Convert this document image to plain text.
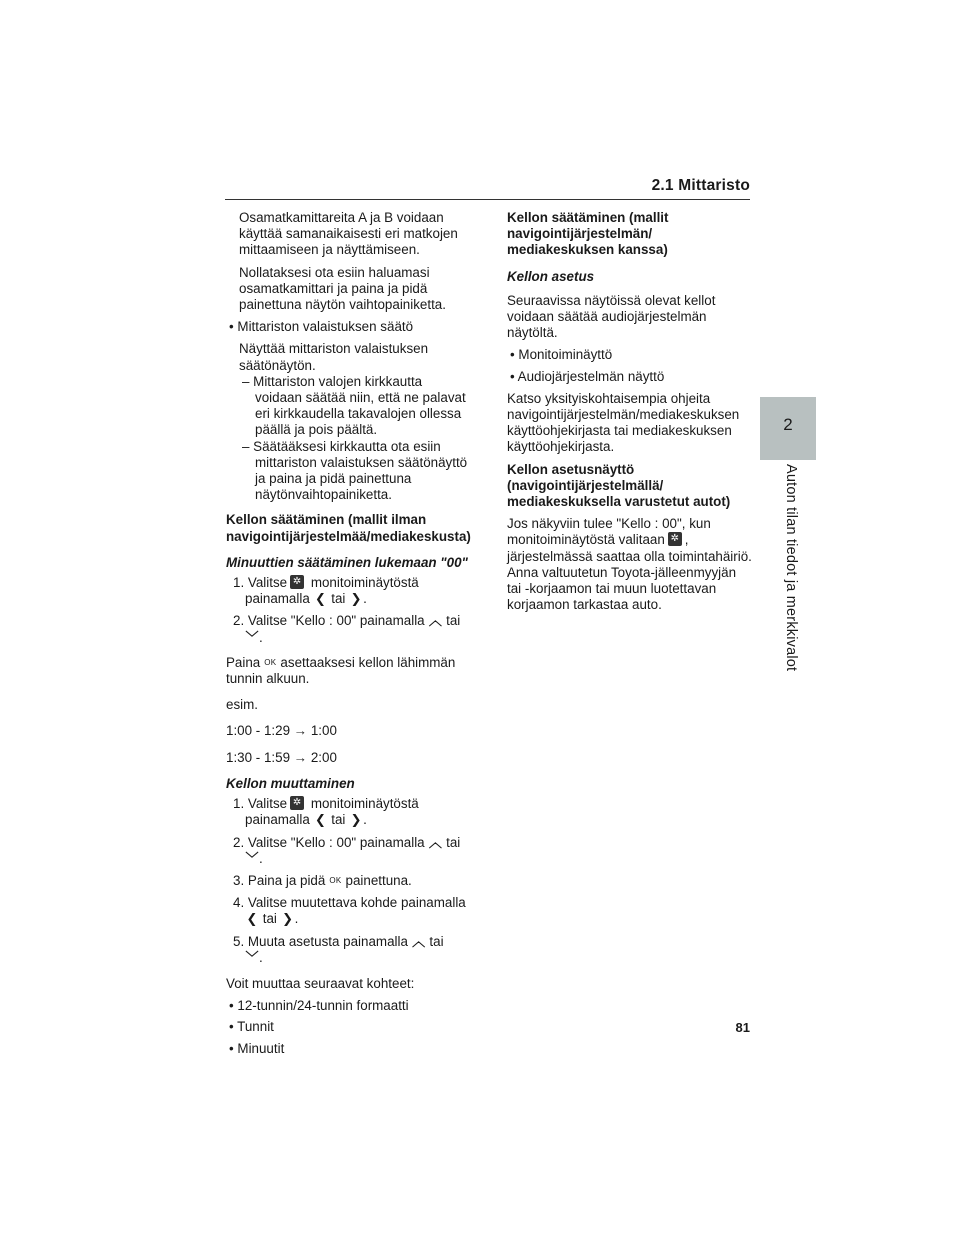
2.1 Mittaristo
2
Auton tilan tiedot ja merkkivalot

Osamatkamittareita A ja B voidaan käyttää samanaikaisesti eri matkojen mittaamiseen ja näyttämiseen.

Nollataksesi ota esiin haluamasi osamatkamittari ja paina ja pidä painettuna näytön vaihtopainiketta.

• Mittariston valaistuksen säätö

Näyttää mittariston valaistuksen säätönäytön.

– Mittariston valojen kirkkautta voidaan säätää niin, että ne palavat eri kirkkaudella takavalojen ollessa päällä ja pois päältä.

– Säätääksesi kirkkautta ota esiin mittariston valaistuksen säätönäyttö ja paina ja pidä painettuna näytönvaihtopainiketta.

Kellon säätäminen (mallit ilman navigointijärjestelmää/mediakeskusta)

Minuuttien säätäminen lukemaan "00"

1. Valitse ✲ monitoiminäytöstä

painamalla ❮ tai ❯ .

2. Valitse "Kello : 00" painamalla ︿ tai

﹀.

Paina OK asettaaksesi kellon lähimmän tunnin alkuun.

esim.

1:00 - 1:29 → 1:00

1:30 - 1:59 → 2:00

Kellon muuttaminen

1. Valitse ✲ monitoiminäytöstä

painamalla ❮ tai ❯ .

2. Valitse "Kello : 00" painamalla ︿ tai

﹀.

3. Paina ja pidä OK painettuna.

4. Valitse muutettava kohde painamalla

❮ tai ❯ .

5. Muuta asetusta painamalla ︿ tai

﹀.

Voit muuttaa seuraavat kohteet:

• 12-tunnin/24-tunnin formaatti

• Tunnit

• Minuutit

Kellon säätäminen (mallit navigointijärjestelmän/ mediakeskuksen kanssa)

Kellon asetus

Seuraavissa näytöissä olevat kellot voidaan säätää audiojärjestelmän näytöltä.

• Monitoiminäyttö

• Audiojärjestelmän näyttö

Katso yksityiskohtaisempia ohjeita navigointijärjestelmän/mediakeskuksen käyttöohjekirjasta tai mediakeskuksen käyttöohjekirjasta.

Kellon asetusnäyttö (navigointijärjestelmällä/ mediakeskuksella varustetut autot)

Jos näkyviin tulee "Kello : 00", kun monitoiminäytöstä valitaan ✲ , järjestelmässä saattaa olla toimintahäiriö. Anna valtuutetun Toyota-jälleenmyyjän tai -korjaamon tai muun luotettavan korjaamon tarkastaa auto.

81
